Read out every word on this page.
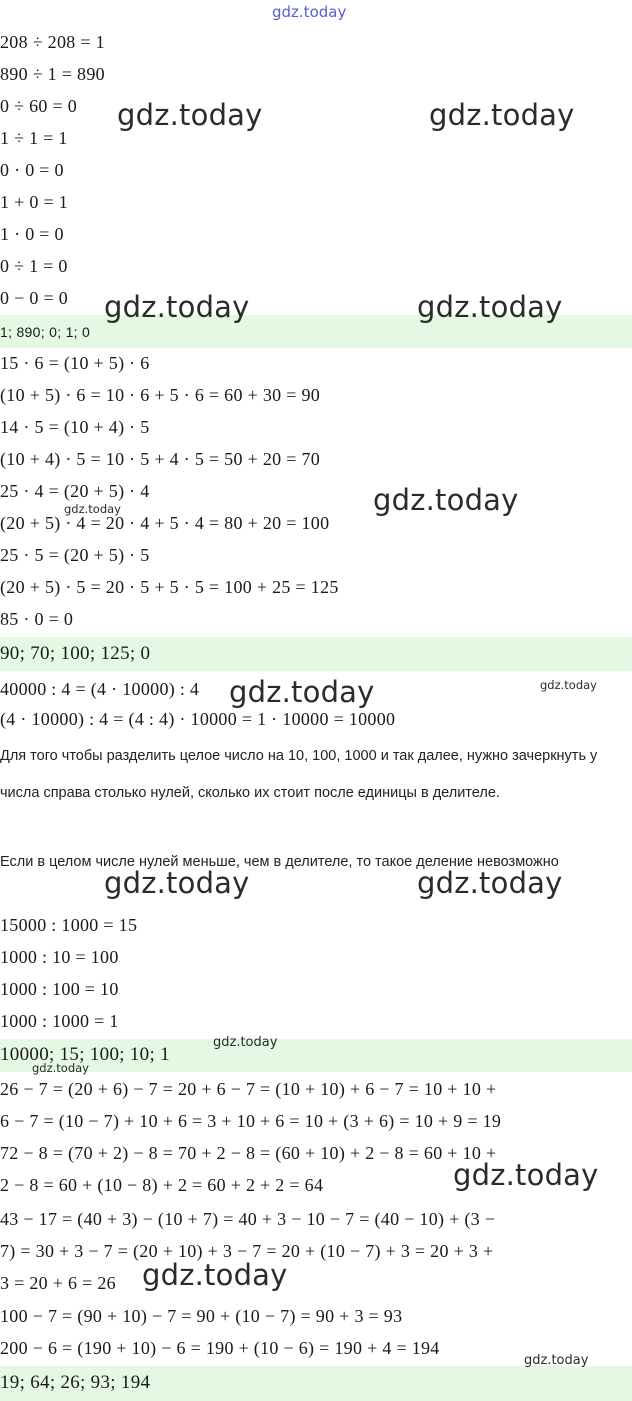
gdz.today
208 ÷ 208 = 1
890 ÷ 1 = 890
0 ÷ 60 = 0
1 ÷ 1 = 1
0 · 0 = 0
1 + 0 = 1
1 · 0 = 0
0 ÷ 1 = 0
0 − 0 = 0
1; 890; 0; 1; 0
15 · 6 = (10 + 5) · 6
(10 + 5) · 6 = 10 · 6 + 5 · 6 = 60 + 30 = 90
14 · 5 = (10 + 4) · 5
(10 + 4) · 5 = 10 · 5 + 4 · 5 = 50 + 20 = 70
25 · 4 = (20 + 5) · 4
(20 + 5) · 4 = 20 · 4 + 5 · 4 = 80 + 20 = 100
25 · 5 = (20 + 5) · 5
(20 + 5) · 5 = 20 · 5 + 5 · 5 = 100 + 25 = 125
85 · 0 = 0
90; 70; 100; 125; 0
40000 : 4 = (4 · 10000) : 4
(4 · 10000) : 4 = (4 : 4) · 10000 = 1 · 10000 = 10000
Для того чтобы разделить целое число на 10, 100, 1000 и так далее, нужно зачеркнуть у числа справа столько нулей, сколько их стоит после единицы в делителе.
Если в целом числе нулей меньше, чем в делителе, то такое деление невозможно
15000 : 1000 = 15
1000 : 10 = 100
1000 : 100 = 10
1000 : 1000 = 1
10000; 15; 100; 10; 1
26 − 7 = (20 + 6) − 7 = 20 + 6 − 7 = (10 + 10) + 6 − 7 = 10 + 10 +
6 − 7 = (10 − 7) + 10 + 6 = 3 + 10 + 6 = 10 + (3 + 6) = 10 + 9 = 19
72 − 8 = (70 + 2) − 8 = 70 + 2 − 8 = (60 + 10) + 2 − 8 = 60 + 10 +
2 − 8 = 60 + (10 − 8) + 2 = 60 + 2 + 2 = 64
43 − 17 = (40 + 3) − (10 + 7) = 40 + 3 − 10 − 7 = (40 − 10) + (3 −
7) = 30 + 3 − 7 = (20 + 10) + 3 − 7 = 20 + (10 − 7) + 3 = 20 + 3 +
3 = 20 + 6 = 26
100 − 7 = (90 + 10) − 7 = 90 + (10 − 7) = 90 + 3 = 93
200 − 6 = (190 + 10) − 6 = 190 + (10 − 6) = 190 + 4 = 194
19; 64; 26; 93; 194
gdz.today	gdz.today
gdz.today	gdz.today
gdz.today
gdz.today
gdz.today	gdz.today
gdz.today	gdz.today
gdz.today
gdz.today
gdz.today
gdz.today
gdz.today
